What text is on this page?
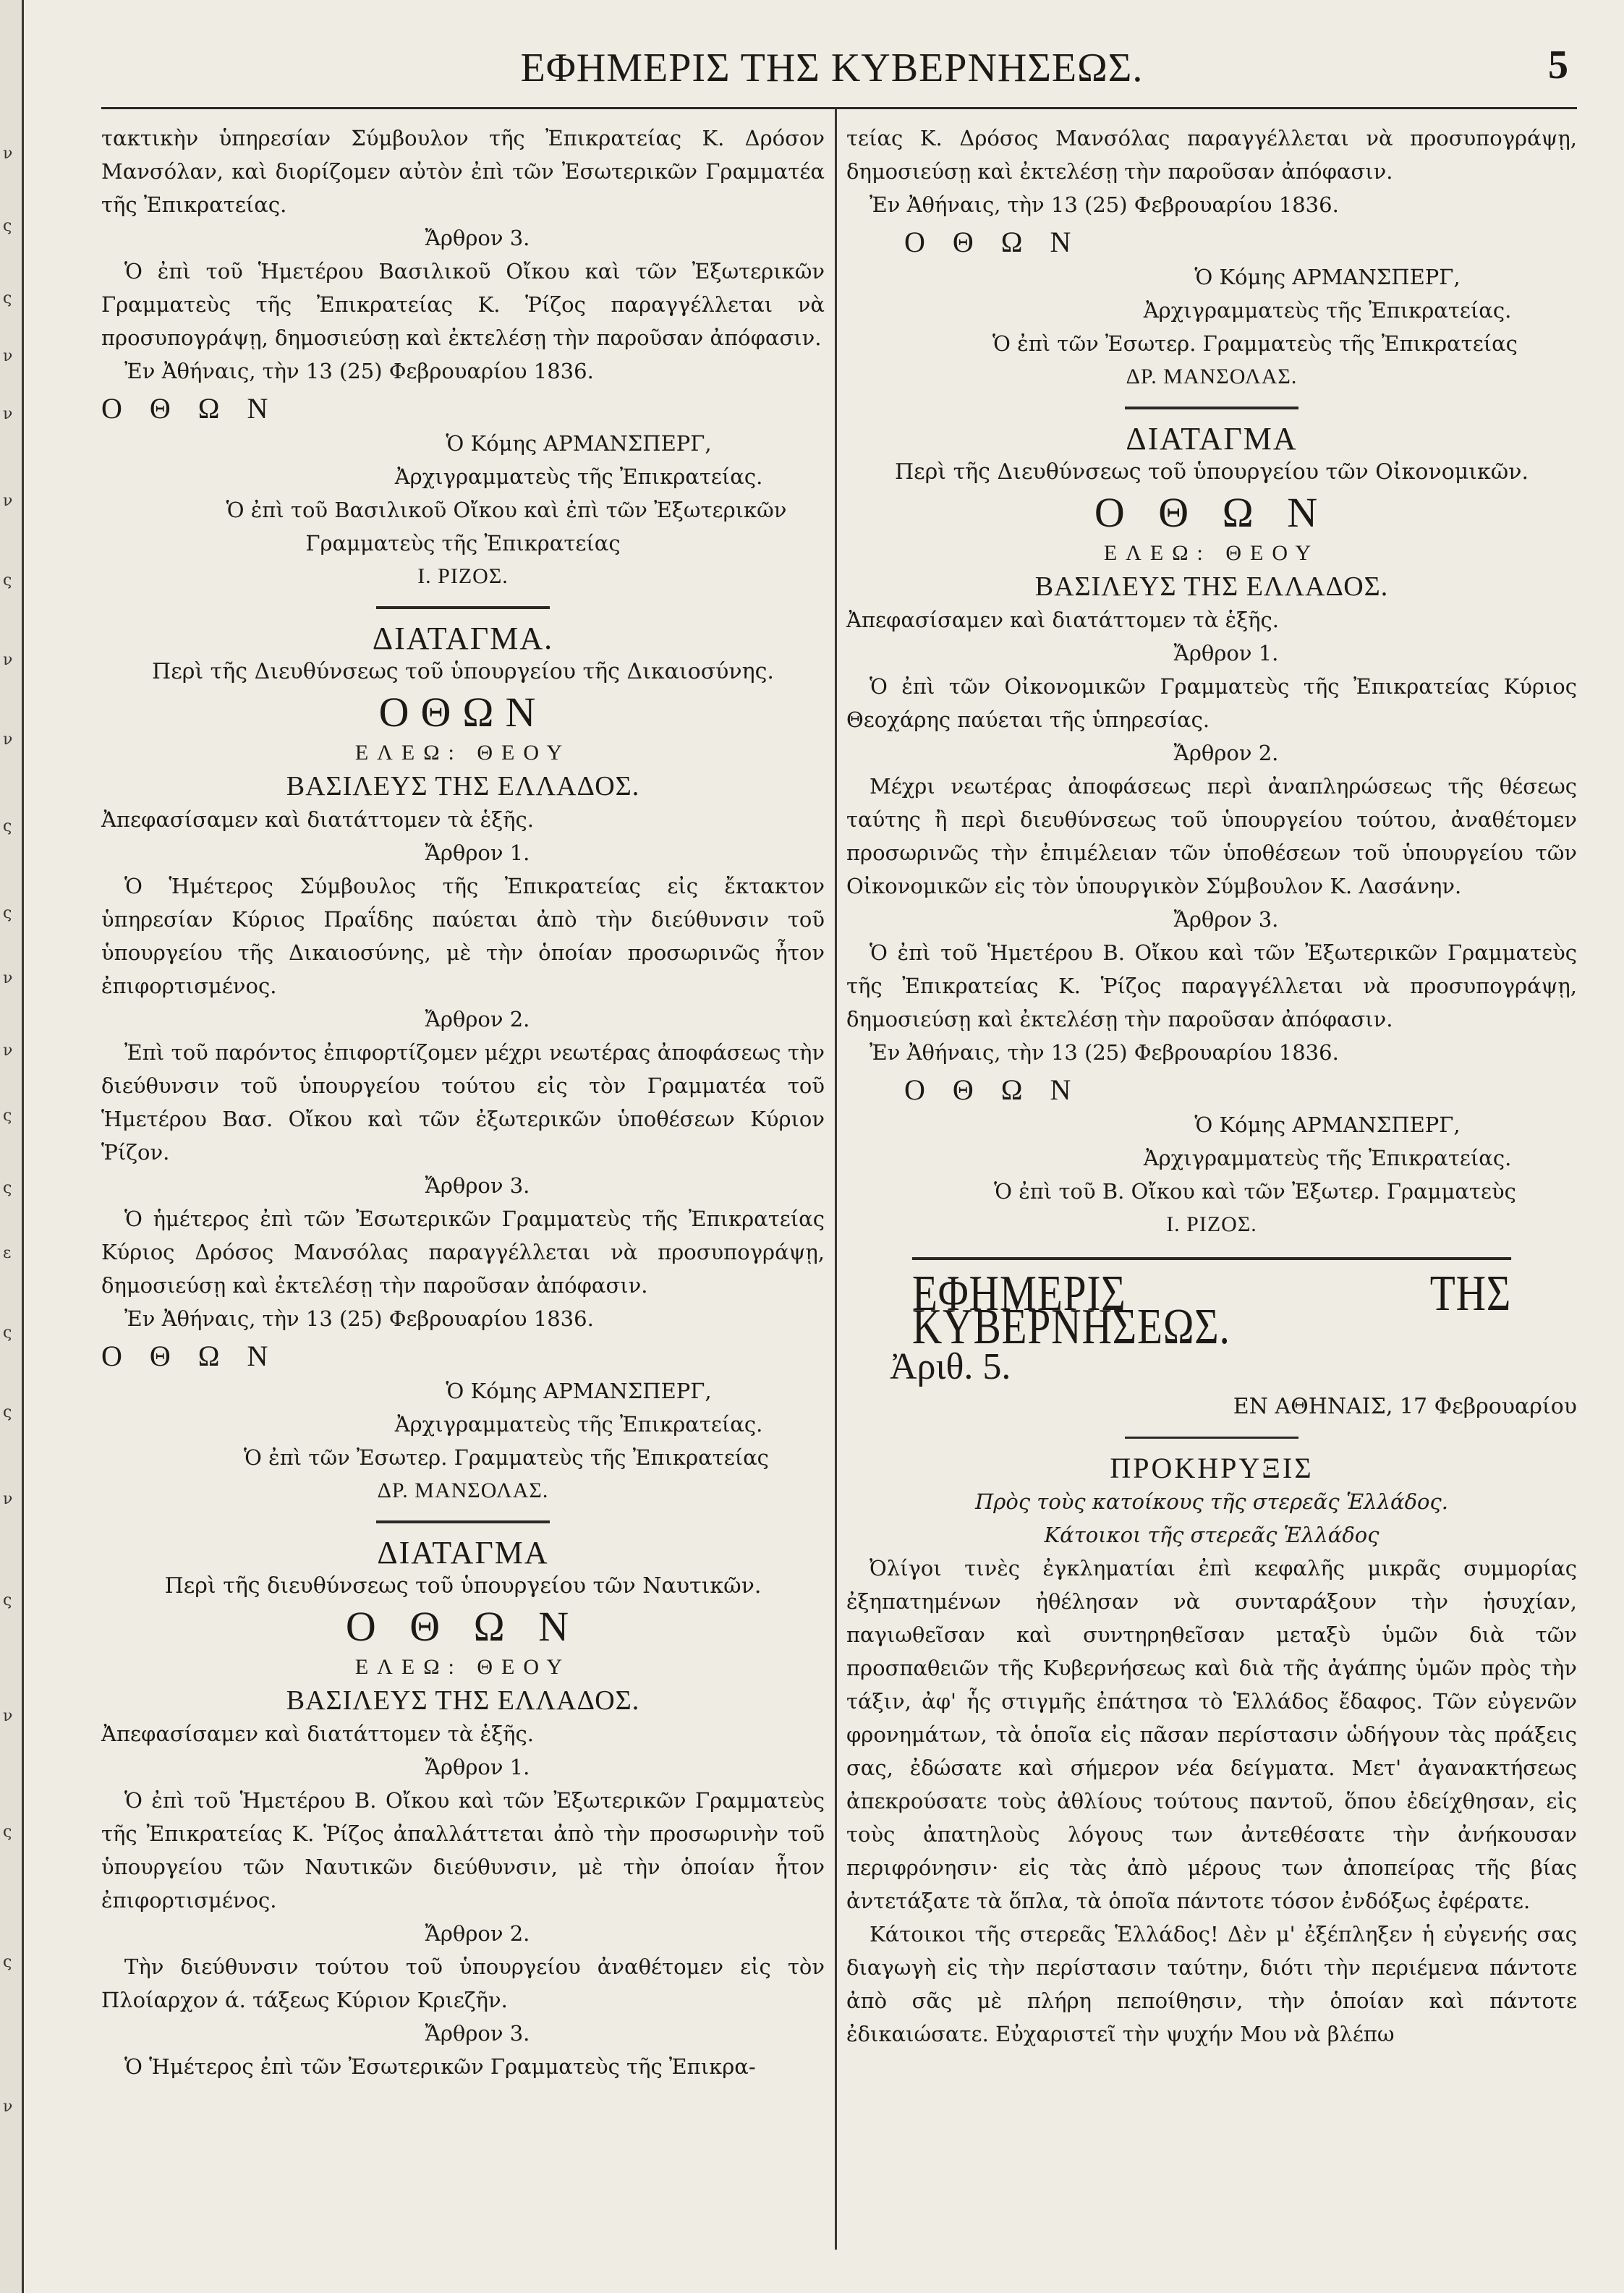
ν
ς
ς
ν
ν
ν
ς
ν
ν
ς
ς
ν
ν
ς
ς
ε
ς
ς
ν
ς
ν
ς
ς
ν
ΕΦΗΜΕΡΙΣ ΤΗΣ ΚΥΒΕΡΝΗΣΕΩΣ.	5

τακτικὴν ὑπηρεσίαν Σύμβουλον τῆς Ἐπικρατείας Κ. Δρόσον Μανσόλαν, καὶ διορίζομεν αὐτὸν ἐπὶ τῶν Ἐσωτερικῶν Γραμματέα τῆς Ἐπικρατείας.

Ἄρθρον 3.

Ὁ ἐπὶ τοῦ Ἡμετέρου Βασιλικοῦ Οἴκου καὶ τῶν Ἐξωτερικῶν Γραμματεὺς τῆς Ἐπικρατείας Κ. Ῥίζος παραγγέλλεται νὰ προσυπογράψῃ, δημοσιεύσῃ καὶ ἐκτελέσῃ τὴν παροῦσαν ἀπόφασιν.

Ἐν Ἀθήναις, τὴν 13 (25) Φεβρουαρίου 1836.

Ο Θ Ω Ν

Ὁ Κόμης ΑΡΜΑΝΣΠΕΡΓ,

Ἀρχιγραμματεὺς τῆς Ἐπικρατείας.

Ὁ ἐπὶ τοῦ Βασιλικοῦ Οἴκου καὶ ἐπὶ τῶν Ἐξωτερικῶν

Γραμματεὺς τῆς Ἐπικρατείας

Ι. ΡΙΖΟΣ.

ΔΙΑΤΑΓΜΑ.

Περὶ τῆς Διευθύνσεως τοῦ ὑπουργείου τῆς Δικαιοσύνης.

ΟΘΩΝ

ΕΛΕΩ: ΘΕΟΥ

ΒΑΣΙΛΕΥΣ ΤΗΣ ΕΛΛΑΔΟΣ.

Ἀπεφασίσαμεν καὶ διατάττομεν τὰ ἑξῆς.

Ἄρθρον 1.

Ὁ Ἡμέτερος Σύμβουλος τῆς Ἐπικρατείας εἰς ἔκτακτον ὑπηρεσίαν Κύριος Πραΐδης παύεται ἀπὸ τὴν διεύθυνσιν τοῦ ὑπουργείου τῆς Δικαιοσύνης, μὲ τὴν ὁποίαν προσωρινῶς ἦτον ἐπιφορτισμένος.

Ἄρθρον 2.

Ἐπὶ τοῦ παρόντος ἐπιφορτίζομεν μέχρι νεωτέρας ἀποφάσεως τὴν διεύθυνσιν τοῦ ὑπουργείου τούτου εἰς τὸν Γραμματέα τοῦ Ἡμετέρου Βασ. Οἴκου καὶ τῶν ἐξωτερικῶν ὑποθέσεων Κύριον Ῥίζον.

Ἄρθρον 3.

Ὁ ἡμέτερος ἐπὶ τῶν Ἐσωτερικῶν Γραμματεὺς τῆς Ἐπικρατείας Κύριος Δρόσος Μανσόλας παραγγέλλεται νὰ προσυπογράψῃ, δημοσιεύσῃ καὶ ἐκτελέσῃ τὴν παροῦσαν ἀπόφασιν.

Ἐν Ἀθήναις, τὴν 13 (25) Φεβρουαρίου 1836.

Ο Θ Ω Ν

Ὁ Κόμης ΑΡΜΑΝΣΠΕΡΓ,

Ἀρχιγραμματεὺς τῆς Ἐπικρατείας.

Ὁ ἐπὶ τῶν Ἐσωτερ. Γραμματεὺς τῆς Ἐπικρατείας

ΔΡ. ΜΑΝΣΟΛΑΣ.

ΔΙΑΤΑΓΜΑ

Περὶ τῆς διευθύνσεως τοῦ ὑπουργείου τῶν Ναυτικῶν.

Ο Θ Ω Ν

ΕΛΕΩ: ΘΕΟΥ

ΒΑΣΙΛΕΥΣ ΤΗΣ ΕΛΛΑΔΟΣ.

Ἀπεφασίσαμεν καὶ διατάττομεν τὰ ἑξῆς.

Ἄρθρον 1.

Ὁ ἐπὶ τοῦ Ἡμετέρου Β. Οἴκου καὶ τῶν Ἐξωτερικῶν Γραμματεὺς τῆς Ἐπικρατείας Κ. Ῥίζος ἀπαλλάττεται ἀπὸ τὴν προσωρινὴν τοῦ ὑπουργείου τῶν Ναυτικῶν διεύθυνσιν, μὲ τὴν ὁποίαν ἦτον ἐπιφορτισμένος.

Ἄρθρον 2.

Τὴν διεύθυνσιν τούτου τοῦ ὑπουργείου ἀναθέτομεν εἰς τὸν Πλοίαρχον ά. τάξεως Κύριον Κριεζῆν.

Ἄρθρον 3.

Ὁ Ἡμέτερος ἐπὶ τῶν Ἐσωτερικῶν Γραμματεὺς τῆς Ἐπικρα-

τείας Κ. Δρόσος Μανσόλας παραγγέλλεται νὰ προσυπογράψῃ, δημοσιεύσῃ καὶ ἐκτελέσῃ τὴν παροῦσαν ἀπόφασιν.

Ἐν Ἀθήναις, τὴν 13 (25) Φεβρουαρίου 1836.

Ο Θ Ω Ν

Ὁ Κόμης ΑΡΜΑΝΣΠΕΡΓ,

Ἀρχιγραμματεὺς τῆς Ἐπικρατείας.

Ὁ ἐπὶ τῶν Ἐσωτερ. Γραμματεὺς τῆς Ἐπικρατείας

ΔΡ. ΜΑΝΣΟΛΑΣ.

ΔΙΑΤΑΓΜΑ

Περὶ τῆς Διευθύνσεως τοῦ ὑπουργείου τῶν Οἰκονομικῶν.

Ο Θ Ω Ν

ΕΛΕΩ: ΘΕΟΥ

ΒΑΣΙΛΕΥΣ ΤΗΣ ΕΛΛΑΔΟΣ.

Ἀπεφασίσαμεν καὶ διατάττομεν τὰ ἑξῆς.

Ἄρθρον 1.

Ὁ ἐπὶ τῶν Οἰκονομικῶν Γραμματεὺς τῆς Ἐπικρατείας Κύριος Θεοχάρης παύεται τῆς ὑπηρεσίας.

Ἄρθρον 2.

Μέχρι νεωτέρας ἀποφάσεως περὶ ἀναπληρώσεως τῆς θέσεως ταύτης ἢ περὶ διευθύνσεως τοῦ ὑπουργείου τούτου, ἀναθέτομεν προσωρινῶς τὴν ἐπιμέλειαν τῶν ὑποθέσεων τοῦ ὑπουργείου τῶν Οἰκονομικῶν εἰς τὸν ὑπουργικὸν Σύμβουλον Κ. Λασάνην.

Ἄρθρον 3.

Ὁ ἐπὶ τοῦ Ἡμετέρου Β. Οἴκου καὶ τῶν Ἐξωτερικῶν Γραμματεὺς τῆς Ἐπικρατείας Κ. Ῥίζος παραγγέλλεται νὰ προσυπογράψῃ, δημοσιεύσῃ καὶ ἐκτελέσῃ τὴν παροῦσαν ἀπόφασιν.

Ἐν Ἀθήναις, τὴν 13 (25) Φεβρουαρίου 1836.

Ο Θ Ω Ν

Ὁ Κόμης ΑΡΜΑΝΣΠΕΡΓ,

Ἀρχιγραμματεὺς τῆς Ἐπικρατείας.

Ὁ ἐπὶ τοῦ Β. Οἴκου καὶ τῶν Ἐξωτερ. Γραμματεὺς

Ι. ΡΙΖΟΣ.

ΕΦΗΜΕΡΙΣ ΤΗΣ ΚΥΒΕΡΝΗΣΕΩΣ.

Ἀριθ. 5.

ΕΝ ΑΘΗΝΑΙΣ, 17 Φεβρουαρίου

ΠΡΟΚΗΡΥΞΙΣ

Πρὸς τοὺς κατοίκους τῆς στερεᾶς Ἑλλάδος.

Κάτοικοι τῆς στερεᾶς Ἑλλάδος

Ὀλίγοι τινὲς ἐγκληματίαι ἐπὶ κεφαλῆς μικρᾶς συμμορίας ἐξηπατημένων ἠθέλησαν νὰ συνταράξουν τὴν ἡσυχίαν, παγιωθεῖσαν καὶ συντηρηθεῖσαν μεταξὺ ὑμῶν διὰ τῶν προσπαθειῶν τῆς Κυβερνήσεως καὶ διὰ τῆς ἀγάπης ὑμῶν πρὸς τὴν τάξιν, ἀφ' ἧς στιγμῆς ἐπάτησα τὸ Ἑλλάδος ἔδαφος. Τῶν εὐγενῶν φρονημάτων, τὰ ὁποῖα εἰς πᾶσαν περίστασιν ὡδήγουν τὰς πράξεις σας, ἐδώσατε καὶ σήμερον νέα δείγματα. Μετ' ἀγανακτήσεως ἀπεκρούσατε τοὺς ἀθλίους τούτους παντοῦ, ὅπου ἐδείχθησαν, εἰς τοὺς ἀπατηλοὺς λόγους των ἀντεθέσατε τὴν ἀνήκουσαν περιφρόνησιν· εἰς τὰς ἀπὸ μέρους των ἀποπείρας τῆς βίας ἀντετάξατε τὰ ὅπλα, τὰ ὁποῖα πάντοτε τόσον ἐνδόξως ἐφέρατε.

Κάτοικοι τῆς στερεᾶς Ἑλλάδος! Δὲν μ' ἐξέπληξεν ἡ εὐγενής σας διαγωγὴ εἰς τὴν περίστασιν ταύτην, διότι τὴν περιέμενα πάντοτε ἀπὸ σᾶς μὲ πλήρη πεποίθησιν, τὴν ὁποίαν καὶ πάντοτε ἐδικαιώσατε. Εὐχαριστεῖ τὴν ψυχήν Μου νὰ βλέπω
